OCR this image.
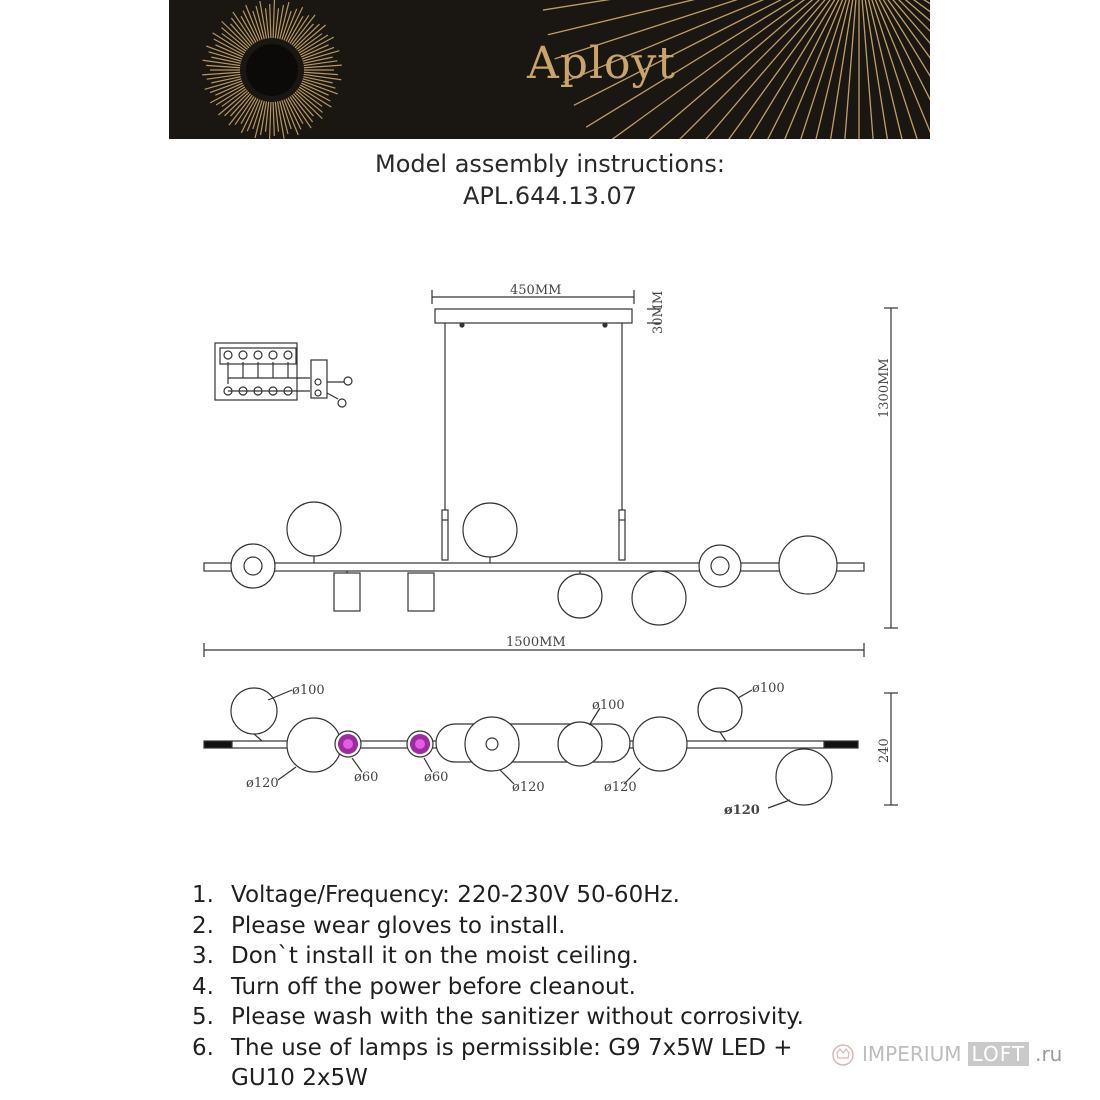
Aployt
Model assembly instructions:
APL.644.13.07
450MM
30MM
1300MM
1500MM
240
ø100
ø120	ø60	ø60
ø120
ø100
ø120
ø100
ø120
1. Voltage/Frequency: 220-230V 50-60Hz.
2. Please wear gloves to install.
3. Don`t install it on the moist ceiling.
4. Turn off the power before cleanout.
5. Please wash with the sanitizer without corrosivity.
6. The use of lamps is permissible: G9 7x5W LED +
GU10 2x5W
IMPERIUM LOFT .ru
